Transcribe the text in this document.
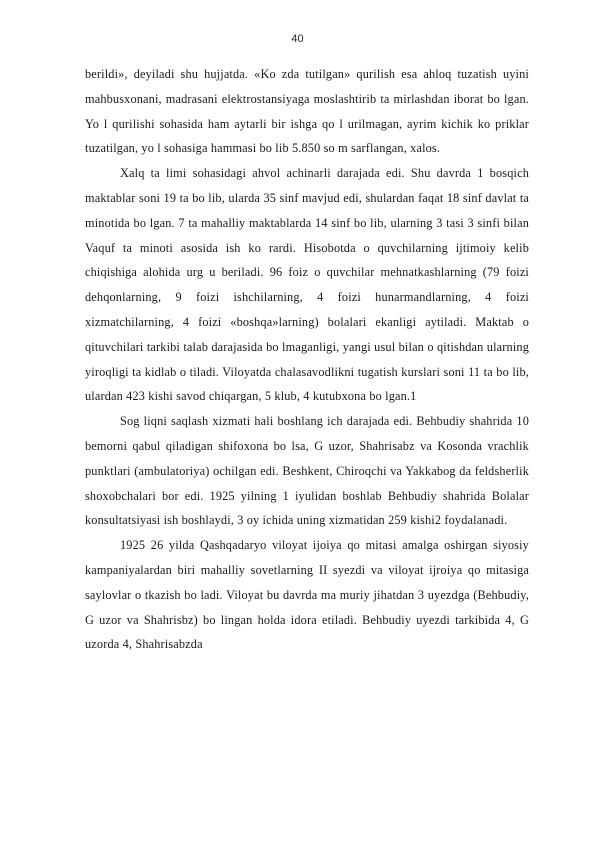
40

berildi», deyiladi shu hujjatda. «Ko zda tutilgan» qurilish esa ahloq tuzatish uyini mahbusxonani, madrasani elektrostansiyaga moslashtirib ta mirlashdan iborat bo lgan. Yo l qurilishi sohasida ham aytarli bir ishga qo l urilmagan, ayrim kichik ko priklar tuzatilgan, yo l sohasiga hammasi bo lib 5.850 so m sarflangan, xalos.

Xalq ta limi sohasidagi ahvol achinarli darajada edi. Shu davrda 1 bosqich maktablar soni 19 ta bo lib, ularda 35 sinf mavjud edi, shulardan faqat 18 sinf davlat ta minotida bo lgan. 7 ta mahalliy maktablarda 14 sinf bo lib, ularning 3 tasi 3 sinfi bilan Vaquf ta minoti asosida ish ko rardi. Hisobotda o quvchilarning ijtimoiy kelib chiqishiga alohida urg u beriladi. 96 foiz o quvchilar mehnatkashlarning (79 foizi dehqonlarning, 9 foizi ishchilarning, 4 foizi hunarmandlarning, 4 foizi xizmatchilarning, 4 foizi «boshqa»larning) bolalari ekanligi aytiladi. Maktab o qituvchilari tarkibi talab darajasida bo lmaganligi, yangi usul bilan o qitishdan ularning yiroqligi ta kidlab o tiladi. Viloyatda chalasavodlikni tugatish kurslari soni 11 ta bo lib, ulardan 423 kishi savod chiqargan, 5 klub, 4 kutubxona bo lgan.1

Sog liqni saqlash xizmati hali boshlang ich darajada edi. Behbudiy shahrida 10 bemorni qabul qiladigan shifoxona bo lsa, G uzor, Shahrisabz va Kosonda vrachlik punktlari (ambulatoriya) ochilgan edi. Beshkent, Chiroqchi va Yakkabog da feldsherlik shoxobchalari bor edi. 1925 yilning 1 iyulidan boshlab Behbudiy shahrida Bolalar konsultatsiyasi ish boshlaydi, 3 oy ichida uning xizmatidan 259 kishi2 foydalanadi.

1925 26 yilda Qashqadaryo viloyat ijoiya qo mitasi amalga oshirgan siyosiy kampaniyalardan biri mahalliy sovetlarning II syezdi va viloyat ijroiya qo mitasiga saylovlar o tkazish bo ladi. Viloyat bu davrda ma muriy jihatdan 3 uyezdga (Behbudiy, G uzor va Shahrisbz) bo lingan holda idora etiladi. Behbudiy uyezdi tarkibida 4, G uzorda 4, Shahrisabzda
